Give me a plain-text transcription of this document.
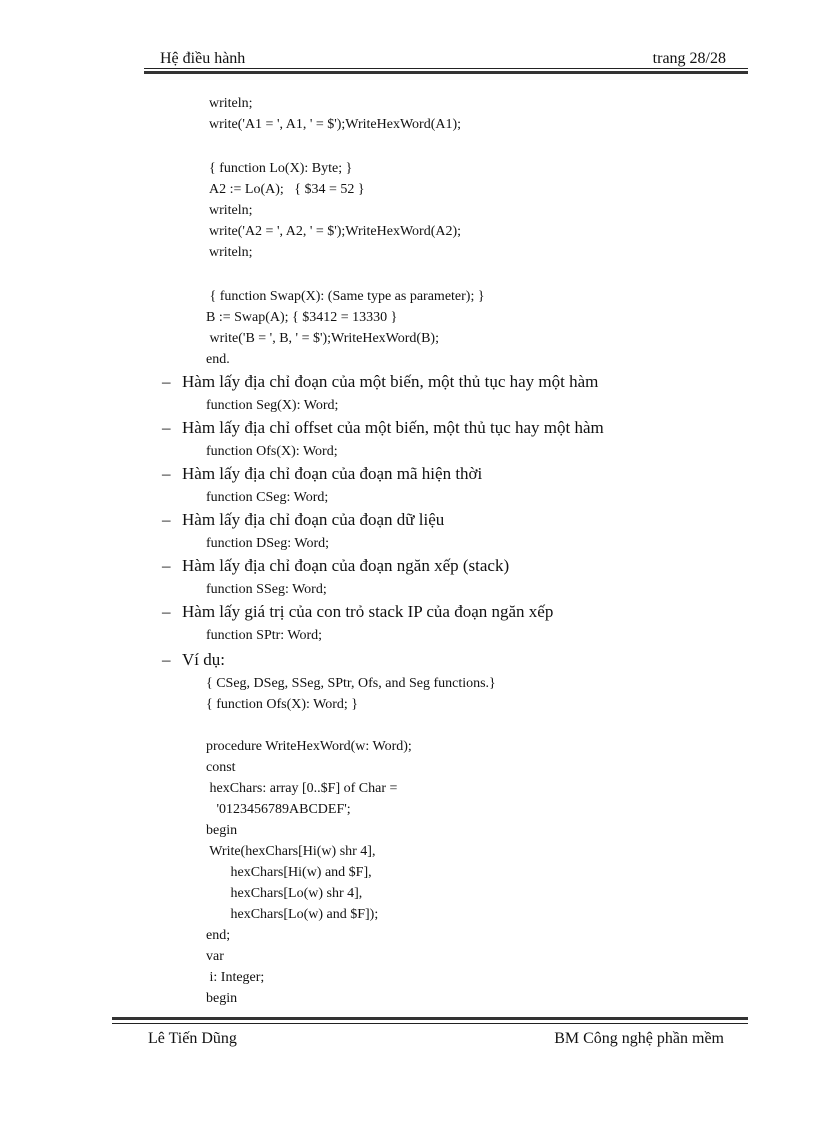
Hệ điều hành	trang 28/28
writeln;
write('A1 = ', A1, ' = $');WriteHexWord(A1);
{ function Lo(X): Byte; }
A2 := Lo(A);   { $34 = 52 }
writeln;
write('A2 = ', A2, ' = $');WriteHexWord(A2);
writeln;
{ function Swap(X): (Same type as parameter); }
B := Swap(A); { $3412 = 13330 }
write('B = ', B, ' = $');WriteHexWord(B);
end.
– Hàm lấy địa chỉ đoạn của một biến, một thủ tục hay một hàm
function Seg(X): Word;
– Hàm lấy địa chỉ offset của một biến, một thủ tục hay một hàm
function Ofs(X): Word;
– Hàm lấy địa chỉ đoạn của đoạn mã hiện thời
function CSeg: Word;
– Hàm lấy địa chỉ đoạn của đoạn dữ liệu
function DSeg: Word;
– Hàm lấy địa chỉ đoạn của đoạn ngăn xếp (stack)
function SSeg: Word;
– Hàm lấy giá trị của con trỏ stack IP của đoạn ngăn xếp
function SPtr: Word;
– Ví dụ:
{ CSeg, DSeg, SSeg, SPtr, Ofs, and Seg functions.}
{ function Ofs(X): Word; }
procedure WriteHexWord(w: Word);
const
hexChars: array [0..$F] of Char =
'0123456789ABCDEF';
begin
Write(hexChars[Hi(w) shr 4],
hexChars[Hi(w) and $F],
hexChars[Lo(w) shr 4],
hexChars[Lo(w) and $F]);
end;
var
i: Integer;
begin
Lê Tiến Dũng	BM Công nghệ phần mềm
